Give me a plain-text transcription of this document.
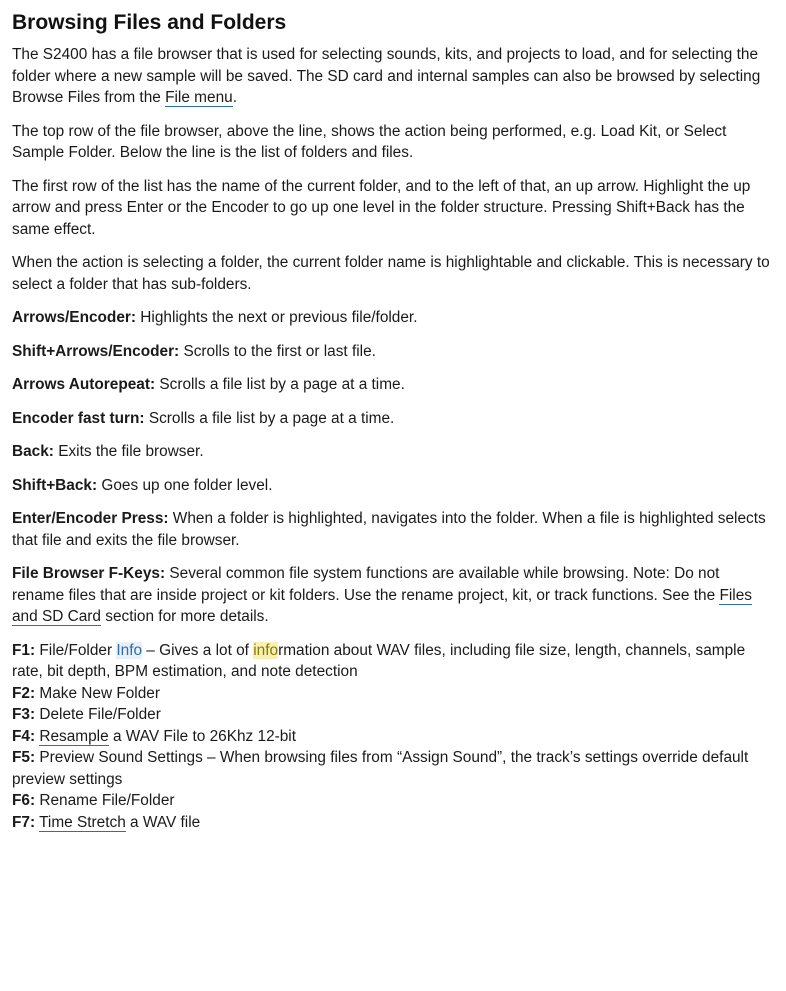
Browsing Files and Folders

The S2400 has a file browser that is used for selecting sounds, kits, and projects to load, and for selecting the folder where a new sample will be saved. The SD card and internal samples can also be browsed by selecting Browse Files from the File menu.

The top row of the file browser, above the line, shows the action being performed, e.g. Load Kit, or Select Sample Folder. Below the line is the list of folders and files.

The first row of the list has the name of the current folder, and to the left of that, an up arrow. Highlight the up arrow and press Enter or the Encoder to go up one level in the folder structure. Pressing Shift+Back has the same effect.

When the action is selecting a folder, the current folder name is highlightable and clickable. This is necessary to select a folder that has sub-folders.

Arrows/Encoder: Highlights the next or previous file/folder.

Shift+Arrows/Encoder: Scrolls to the first or last file.

Arrows Autorepeat: Scrolls a file list by a page at a time.

Encoder fast turn: Scrolls a file list by a page at a time.

Back: Exits the file browser.

Shift+Back: Goes up one folder level.

Enter/Encoder Press: When a folder is highlighted, navigates into the folder. When a file is highlighted selects that file and exits the file browser.

File Browser F-Keys: Several common file system functions are available while browsing. Note: Do not rename files that are inside project or kit folders. Use the rename project, kit, or track functions. See the Files and SD Card section for more details.

F1: File/Folder Info – Gives a lot of information about WAV files, including file size, length, channels, sample rate, bit depth, BPM estimation, and note detection

F2: Make New Folder

F3: Delete File/Folder

F4: Resample a WAV File to 26Khz 12-bit

F5: Preview Sound Settings – When browsing files from “Assign Sound”, the track’s settings override default preview settings

F6: Rename File/Folder

F7: Time Stretch a WAV file
